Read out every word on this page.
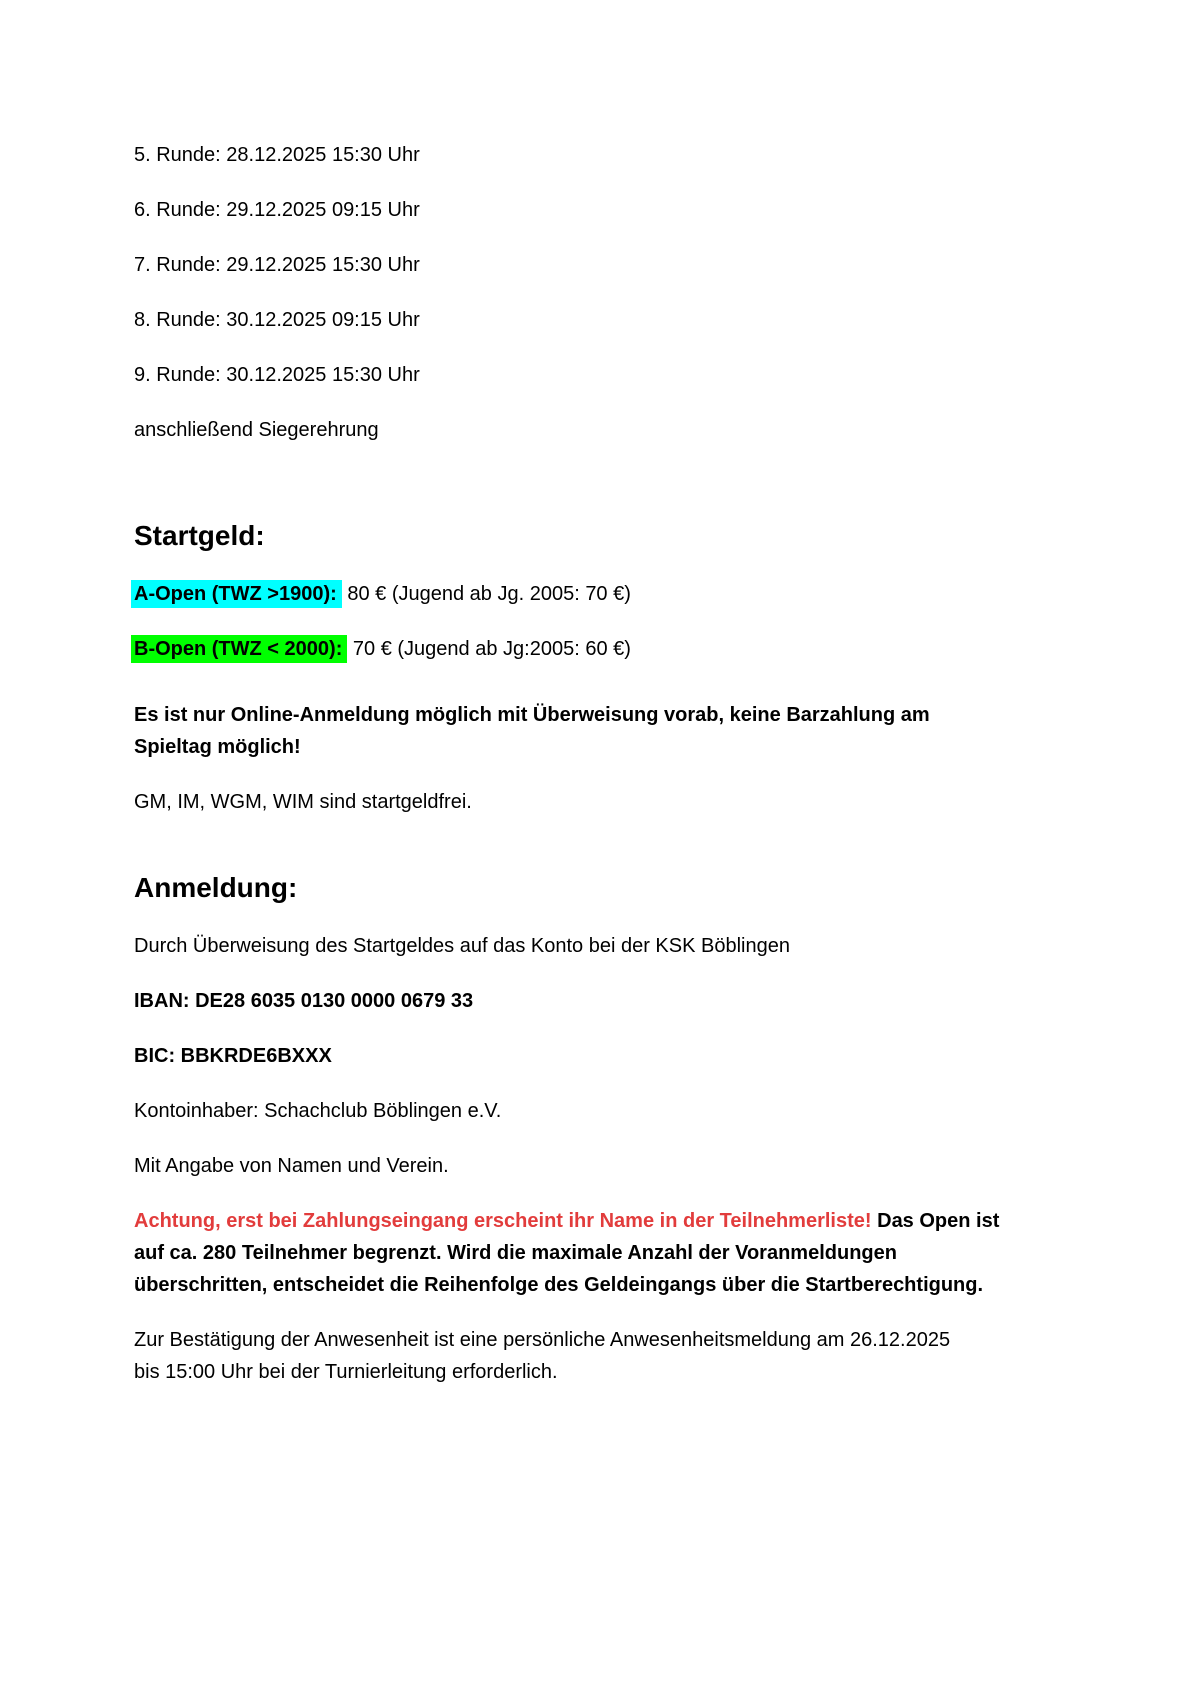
5. Runde: 28.12.2025 15:30 Uhr

6. Runde: 29.12.2025 09:15 Uhr

7. Runde: 29.12.2025 15:30 Uhr

8. Runde: 30.12.2025 09:15 Uhr

9. Runde: 30.12.2025 15:30 Uhr

anschließend Siegerehrung

Startgeld:

A-Open (TWZ >1900): 80 € (Jugend ab Jg. 2005: 70 €)

B-Open (TWZ < 2000): 70 € (Jugend ab Jg:2005: 60 €)

Es ist nur Online-Anmeldung möglich mit Überweisung vorab, keine Barzahlung am
Spieltag möglich!

GM, IM, WGM, WIM sind startgeldfrei.

Anmeldung:

Durch Überweisung des Startgeldes auf das Konto bei der KSK Böblingen

IBAN: DE28 6035 0130 0000 0679 33

BIC: BBKRDE6BXXX

Kontoinhaber: Schachclub Böblingen e.V.

Mit Angabe von Namen und Verein.

Achtung, erst bei Zahlungseingang erscheint ihr Name in der Teilnehmerliste! Das Open ist
auf ca. 280 Teilnehmer begrenzt. Wird die maximale Anzahl der Voranmeldungen
überschritten, entscheidet die Reihenfolge des Geldeingangs über die Startberechtigung.

Zur Bestätigung der Anwesenheit ist eine persönliche Anwesenheitsmeldung am 26.12.2025
bis 15:00 Uhr bei der Turnierleitung erforderlich.
